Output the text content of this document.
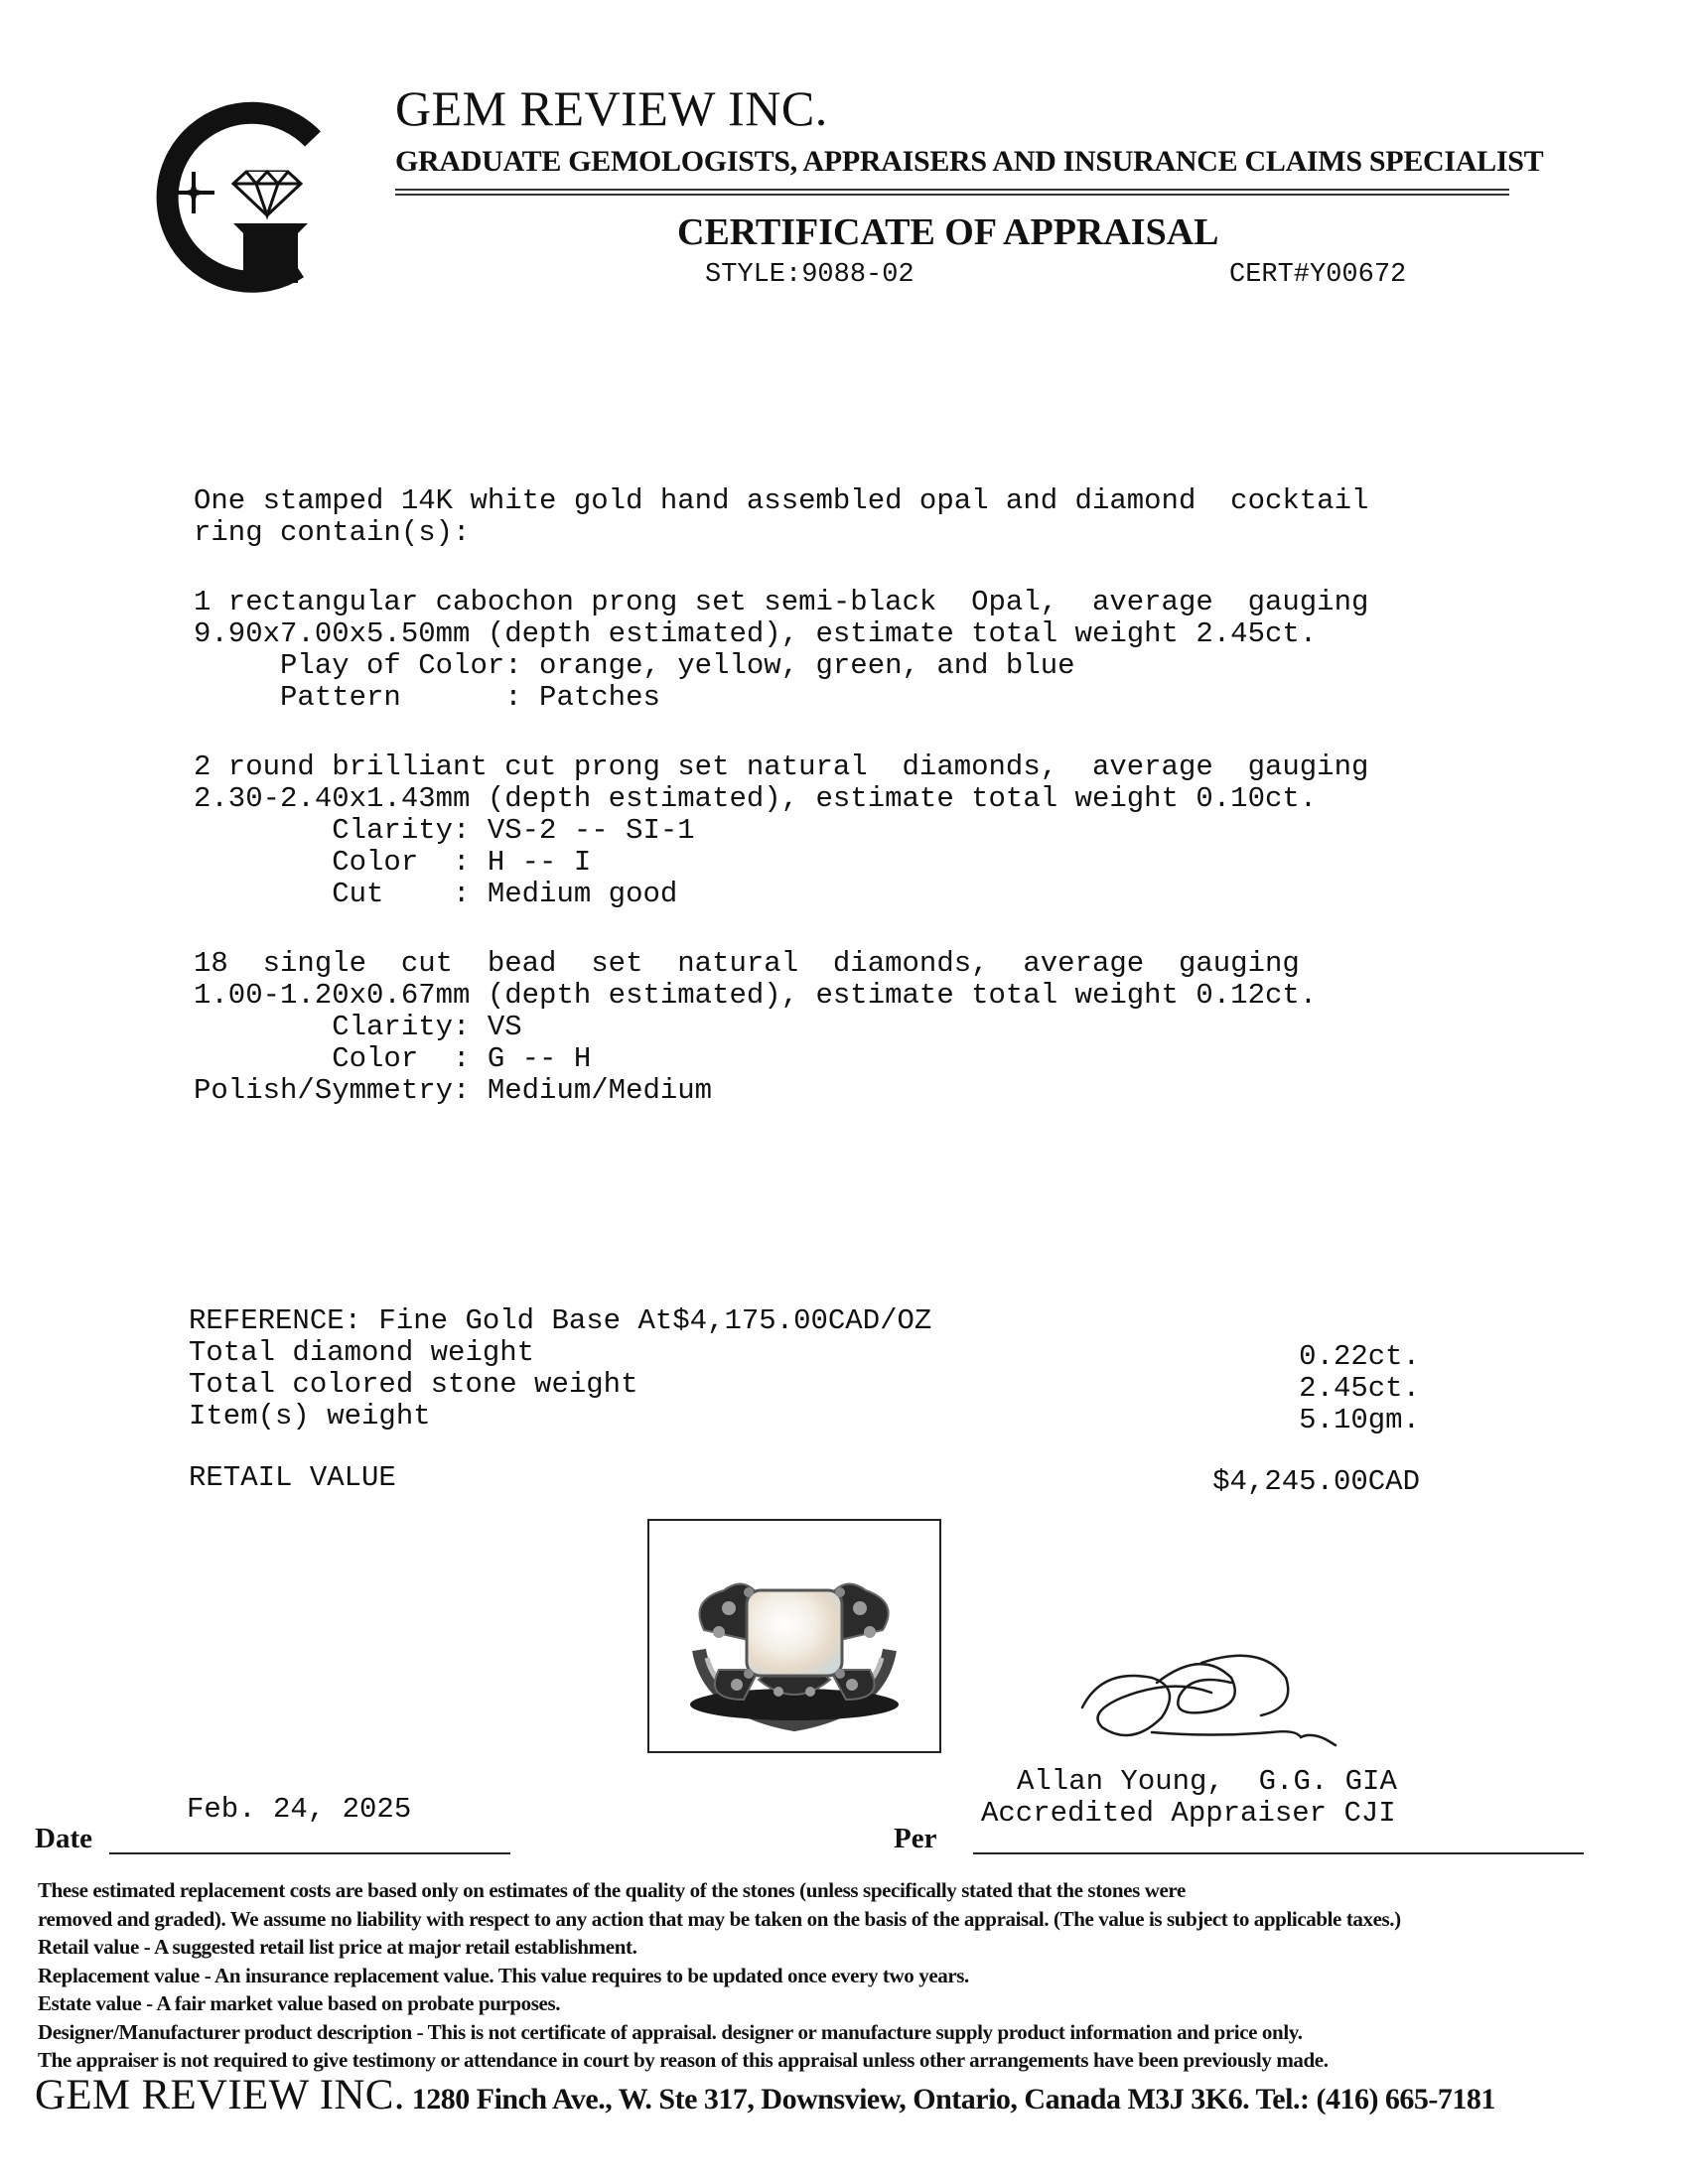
GEM REVIEW INC.
GRADUATE GEMOLOGISTS, APPRAISERS AND INSURANCE CLAIMS SPECIALIST
CERTIFICATE OF APPRAISAL
STYLE:9088-02	CERT#Y00672
One stamped 14K white gold hand assembled opal and diamond  cocktail
ring contain(s):
1 rectangular cabochon prong set semi-black  Opal,  average  gauging
9.90x7.00x5.50mm (depth estimated), estimate total weight 2.45ct.
Play of Color: orange, yellow, green, and blue
Pattern      : Patches
2 round brilliant cut prong set natural  diamonds,  average  gauging
2.30-2.40x1.43mm (depth estimated), estimate total weight 0.10ct.
Clarity: VS-2 -- SI-1
Color  : H -- I
Cut    : Medium good
18  single  cut  bead  set  natural  diamonds,  average  gauging
1.00-1.20x0.67mm (depth estimated), estimate total weight 0.12ct.
Clarity: VS
Color  : G -- H
Polish/Symmetry: Medium/Medium
REFERENCE: Fine Gold Base At$4,175.00CAD/OZ
Total diamond weight	0.22ct.
Total colored stone weight	2.45ct.
Item(s) weight	5.10gm.
RETAIL VALUE	$4,245.00CAD
Allan Young,  G.G. GIA
Accredited Appraiser CJI
Feb. 24, 2025
Date	Per
These estimated replacement costs are based only on estimates of the quality of the stones (unless specifically stated that the stones were
removed and graded). We assume no liability with respect to any action that may be taken on the basis of the appraisal. (The value is subject to applicable taxes.)
Retail value - A suggested retail list price at major retail establishment.
Replacement value - An insurance replacement value. This value requires to be updated once every two years.
Estate value - A fair market value based on probate purposes.
Designer/Manufacturer product description - This is not certificate of appraisal. designer or manufacture supply product information and price only.
The appraiser is not required to give testimony or attendance in court by reason of this appraisal unless other arrangements have been previously made.
GEM REVIEW INC. 1280 Finch Ave., W. Ste 317, Downsview, Ontario, Canada M3J 3K6. Tel.: (416) 665-7181
